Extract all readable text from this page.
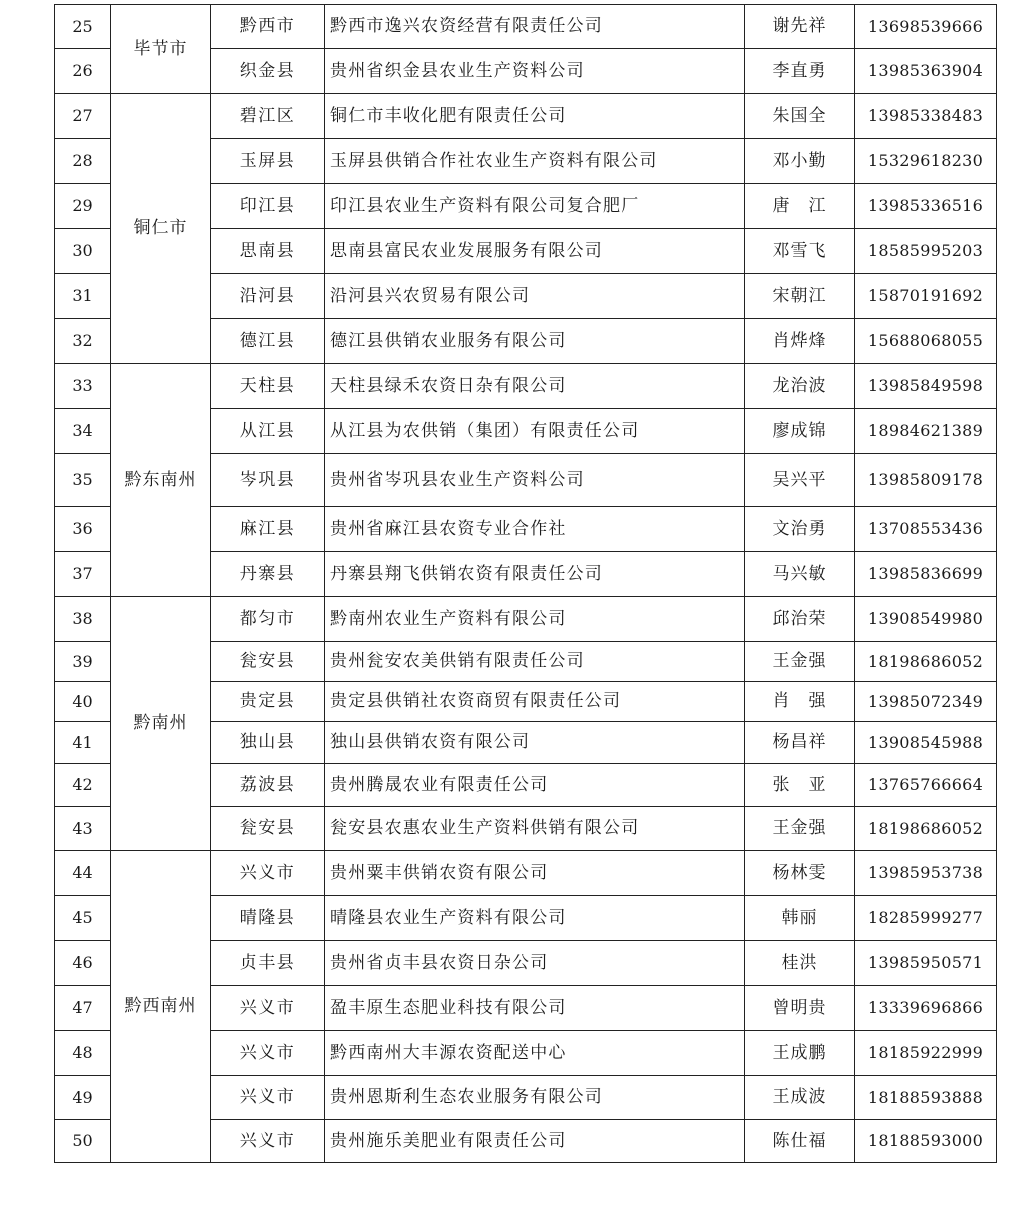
25	毕节市	黔西市	黔西市逸兴农资经营有限责任公司	谢先祥	13698539666
26		织金县	贵州省织金县农业生产资料公司	李直勇	13985363904
27	铜仁市	碧江区	铜仁市丰收化肥有限责任公司	朱国全	13985338483
28		玉屏县	玉屏县供销合作社农业生产资料有限公司	邓小勤	15329618230
29		印江县	印江县农业生产资料有限公司复合肥厂	唐　江	13985336516
30		思南县	思南县富民农业发展服务有限公司	邓雪飞	18585995203
31		沿河县	沿河县兴农贸易有限公司	宋朝江	15870191692
32		德江县	德江县供销农业服务有限公司	肖烨烽	15688068055
33	黔东南州	天柱县	天柱县绿禾农资日杂有限公司	龙治波	13985849598
34		从江县	从江县为农供销（集团）有限责任公司	廖成锦	18984621389
35		岑巩县	贵州省岑巩县农业生产资料公司	吴兴平	13985809178
36		麻江县	贵州省麻江县农资专业合作社	文治勇	13708553436
37		丹寨县	丹寨县翔飞供销农资有限责任公司	马兴敏	13985836699
38	黔南州	都匀市	黔南州农业生产资料有限公司	邱治荣	13908549980
39		瓮安县	贵州瓮安农美供销有限责任公司	王金强	18198686052
40		贵定县	贵定县供销社农资商贸有限责任公司	肖　强	13985072349
41		独山县	独山县供销农资有限公司	杨昌祥	13908545988
42		荔波县	贵州腾晟农业有限责任公司	张　亚	13765766664
43		瓮安县	瓮安县农惠农业生产资料供销有限公司	王金强	18198686052
44	黔西南州	兴义市	贵州粟丰供销农资有限公司	杨林雯	13985953738
45		晴隆县	晴隆县农业生产资料有限公司	韩丽	18285999277
46		贞丰县	贵州省贞丰县农资日杂公司	桂洪	13985950571
47		兴义市	盈丰原生态肥业科技有限公司	曾明贵	13339696866
48		兴义市	黔西南州大丰源农资配送中心	王成鹏	18185922999
49		兴义市	贵州恩斯利生态农业服务有限公司	王成波	18188593888
50		兴义市	贵州施乐美肥业有限责任公司	陈仕福	18188593000
